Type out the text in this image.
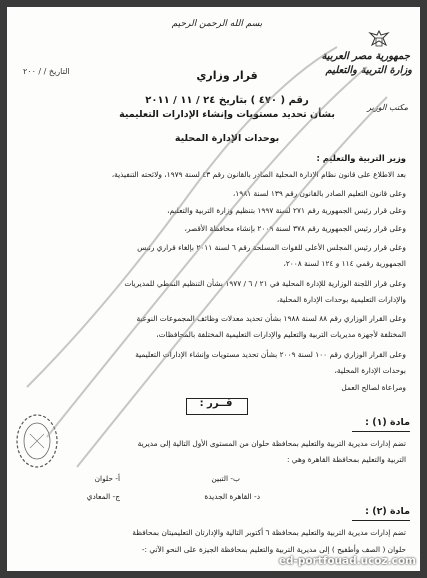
بسم الله الرحمن الرحيم
جمهورية مصر العربية
وزارة التربية والتعليم
مكتب الوزير
التاريخ / / ٢٠٠	قرار وزاري
رقم ( ٤٧٠ ) بتاريخ ٢٤ / ١١ / ٢٠١١
بشأن تحديد مستويات وإنشاء الإدارات التعليمية
بوحدات الإدارة المحلية
وزير التربية والتعليم :
بعد الاطلاع على قانون نظام الإدارة المحلية الصادر بالقانون رقم ٤٣ لسنة ١٩٧٩، ولائحته التنفيذية،
وعلى قانون التعليم الصادر بالقانون رقم ١٣٩ لسنة ١٩٨١،
وعلى قرار رئيس الجمهورية رقم ٢٧١ لسنة ١٩٩٧ بتنظيم وزارة التربية والتعليم،
وعلى قرار رئيس الجمهورية رقم ٣٧٨ لسنة ٢٠٠٩ بإنشاء محافظة الأقصر،
وعلى قرار رئيس المجلس الأعلى للقوات المسلحة رقم ٦ لسنة ٢٠١١ بإلغاء قراري رئيس
الجمهورية رقمي ١١٤ و ١٢٤ لسنة ٢٠٠٨،
وعلى قرار اللجنة الوزارية للإدارة المحلية في ٢١ / ٦ / ١٩٧٧ بشأن التنظيم النمطي للمديريات
والإدارات التعليمية بوحدات الإدارة المحلية،
وعلى القرار الوزاري رقم ٨٨ لسنة ١٩٨٨ بشأن تحديد معدلات وظائف المجموعات النوعية
المختلفة لأجهزة مديريات التربية والتعليم والإدارات التعليمية المختلفة بالمحافظات،
وعلى القرار الوزاري رقم ١٠٠ لسنة ٢٠٠٩ بشأن تحديد مستويات وإنشاء الإدارات التعليمية
بوحدات الإدارة المحلية،
ومراعاة لصالح العمل
قــرر :
مادة (١) :
تضم إدارات مديرية التربية والتعليم بمحافظة حلوان من المستوى الأول التالية إلى مديرية
التربية والتعليم بمحافظة القاهرة وهي :
أ- حلوان	ب- التبين
ج- المعادي	د- القاهرة الجديدة
مادة (٢) :
تضم إدارات مديرية التربية والتعليم بمحافظة ٦ أكتوبر التالية والإدارتان التعليميتان بمحافظة
حلوان ( الصف وأطفيح ) إلى مديرية التربية والتعليم بمحافظة الجيزة على النحو الآتي :-
ed-portfouad.ucoz.com
